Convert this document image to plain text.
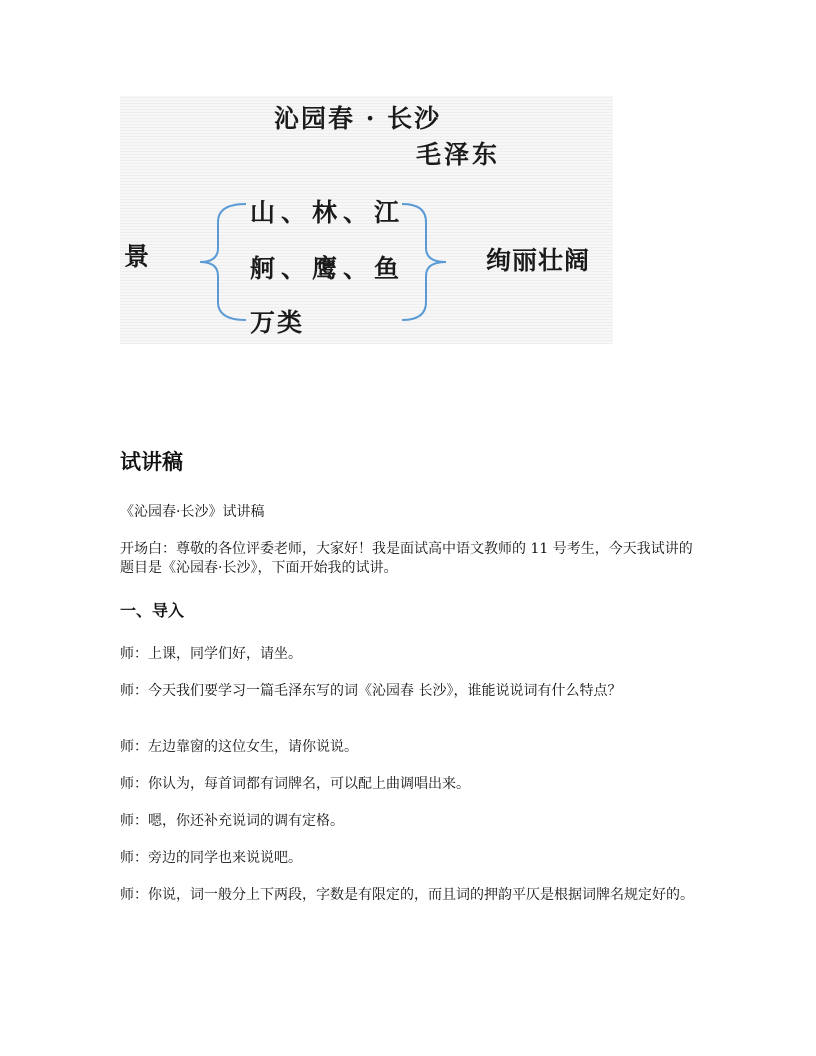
沁园春 · 长沙
毛泽东
景
山、林、江
舸、鹰、鱼
万类
绚丽壮阔
试讲稿

《沁园春·长沙》试讲稿

开场白：尊敬的各位评委老师，大家好！我是面试高中语文教师的 11 号考生，今天我试讲的题目是《沁园春·长沙》，下面开始我的试讲。

一、导入

师：上课，同学们好，请坐。

师：今天我们要学习一篇毛泽东写的词《沁园春 长沙》，谁能说说词有什么特点？

师：左边靠窗的这位女生，请你说说。

师：你认为，每首词都有词牌名，可以配上曲调唱出来。

师：嗯，你还补充说词的调有定格。

师：旁边的同学也来说说吧。

师：你说，词一般分上下两段，字数是有限定的，而且词的押韵平仄是根据词牌名规定好的。
